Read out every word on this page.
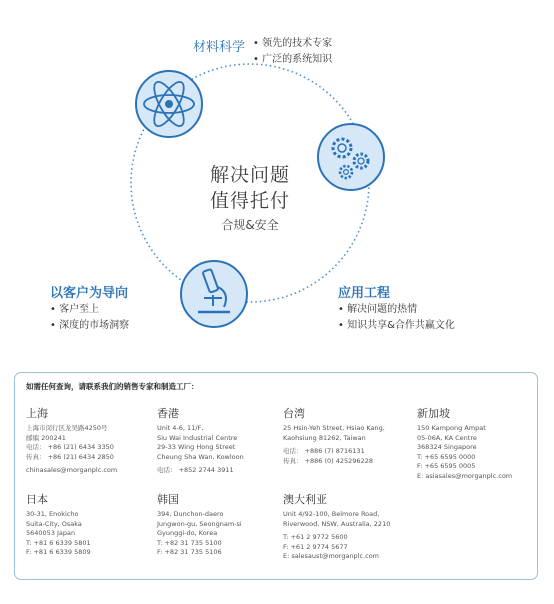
解决问题
值得托付
合规&安全
材料科学
•	领先的技术专家
• 广泛的系统知识
以客户为导向
• 客户至上
• 深度的市场洞察
应用工程
• 解决问题的热情
• 知识共享&合作共赢文化
如需任何查询，请联系我们的销售专家和制造工厂：
上海
上海市闵行区龙吴路4250号
邮编 200241
电话： +86 (21) 6434 3350
传真： +86 (21) 6434 2850
chinasales@morganplc.com
香港
Unit 4-6, 11/F,
Siu Wai Industrial Centre
29-33 Wing Hong Street
Cheung Sha Wan, Kowloon
电话： +852 2744 3911
台湾
25 Hsin-Yeh Street, Hsiao Kang,
Kaohsiung 81262, Taiwan
电话： +886 (7) 8716131
传真： +886 (0) 425296228
新加坡
150 Kampong Ampat
05-06A, KA Centre
368324 Singapore
T: +65 6595 0000
F: +65 6595 0005
E: asiasales@morganplc.com
日本
30-31, Enokicho
Suita-City, Osaka
5640053 Japan
T: +81 6 6339 5801
F: +81 6 6339 5809
韩国
394, Dunchon-daero
Jungwon-gu, Seongnam-si
Gyunggi-do, Korea
T: +82 31 735 5100
F: +82 31 735 5106
澳大利亚
Unit 4/92-100, Belmore Road,
Riverwood, NSW, Australia, 2210
T: +61 2 9772 5600
F: +61 2 9774 5677
E: salesaust@morganplc.com
